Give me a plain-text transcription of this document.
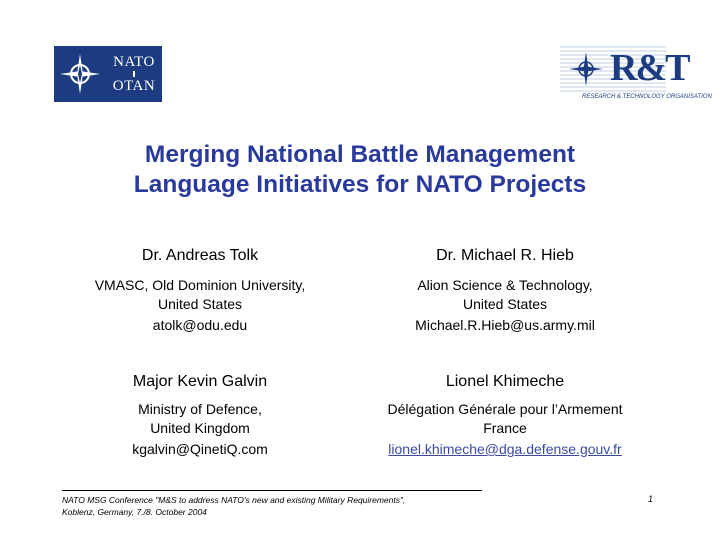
NATO
OTAN	R&T
RESEARCH & TECHNOLOGY ORGANISATION
Merging National Battle Management
Language Initiatives for NATO Projects
Dr. Andreas Tolk
VMASC, Old Dominion University,
United States
atolk@odu.edu
Dr. Michael R. Hieb
Alion Science & Technology,
United States
Michael.R.Hieb@us.army.mil
Major Kevin Galvin
Ministry of Defence,
United Kingdom
kgalvin@QinetiQ.com
Lionel Khimeche
Délégation Générale pour l’Armement
France
lionel.khimeche@dga.defense.gouv.fr
NATO MSG Conference "M&S to address NATO's new and existing Military Requirements",
Koblenz, Germany, 7./8. October 2004
1
